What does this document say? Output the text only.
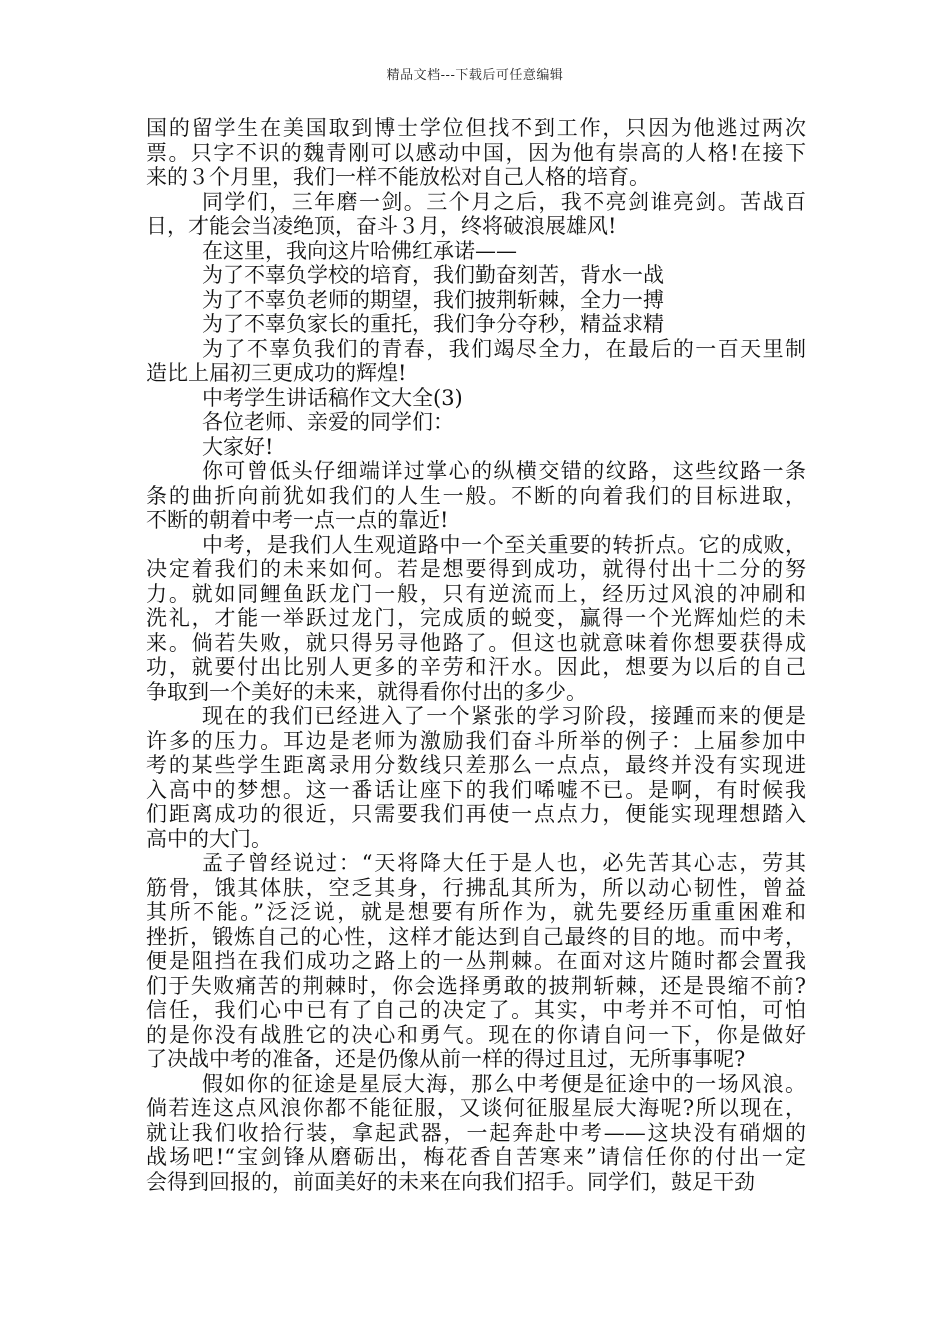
精品文档---下载后可任意编辑
国的留学生在美国取到博士学位但找不到工作，只因为他逃过两次
票。只字不识的魏青刚可以感动中国，因为他有崇高的人格!在接下
来的３个月里，我们一样不能放松对自己人格的培育。
同学们，三年磨一剑。三个月之后，我不亮剑谁亮剑。苦战百
日，才能会当凌绝顶，奋斗３月，终将破浪展雄风!
在这里，我向这片哈佛红承诺——
为了不辜负学校的培育，我们勤奋刻苦，背水一战
为了不辜负老师的期望，我们披荆斩棘，全力一搏
为了不辜负家长的重托，我们争分夺秒，精益求精
为了不辜负我们的青春，我们竭尽全力，在最后的一百天里制
造比上届初三更成功的辉煌!
中考学生讲话稿作文大全(3)
各位老师、亲爱的同学们：
大家好!
你可曾低头仔细端详过掌心的纵横交错的纹路，这些纹路一条
条的曲折向前犹如我们的人生一般。不断的向着我们的目标进取，
不断的朝着中考一点一点的靠近!
中考，是我们人生观道路中一个至关重要的转折点。它的成败，
决定着我们的未来如何。若是想要得到成功，就得付出十二分的努
力。就如同鲤鱼跃龙门一般，只有逆流而上，经历过风浪的冲刷和
洗礼，才能一举跃过龙门，完成质的蜕变，赢得一个光辉灿烂的未
来。倘若失败，就只得另寻他路了。但这也就意味着你想要获得成
功，就要付出比别人更多的辛劳和汗水。因此，想要为以后的自己
争取到一个美好的未来，就得看你付出的多少。
现在的我们已经进入了一个紧张的学习阶段，接踵而来的便是
许多的压力。耳边是老师为激励我们奋斗所举的例子：上届参加中
考的某些学生距离录用分数线只差那么一点点，最终并没有实现进
入高中的梦想。这一番话让座下的我们唏嘘不已。是啊，有时候我
们距离成功的很近，只需要我们再使一点点力，便能实现理想踏入
高中的大门。
孟子曾经说过：“天将降大任于是人也，必先苦其心志，劳其
筋骨，饿其体肤，空乏其身，行拂乱其所为，所以动心韧性，曾益
其所不能。”泛泛说，就是想要有所作为，就先要经历重重困难和
挫折，锻炼自己的心性，这样才能达到自己最终的目的地。而中考，
便是阻挡在我们成功之路上的一丛荆棘。在面对这片随时都会置我
们于失败痛苦的荆棘时，你会选择勇敢的披荆斩棘，还是畏缩不前?
信任，我们心中已有了自己的决定了。其实，中考并不可怕，可怕
的是你没有战胜它的决心和勇气。现在的你请自问一下，你是做好
了决战中考的准备，还是仍像从前一样的得过且过，无所事事呢?
假如你的征途是星辰大海，那么中考便是征途中的一场风浪。
倘若连这点风浪你都不能征服，又谈何征服星辰大海呢?所以现在，
就让我们收拾行装，拿起武器，一起奔赴中考——这块没有硝烟的
战场吧!“宝剑锋从磨砺出，梅花香自苦寒来”请信任你的付出一定
会得到回报的，前面美好的未来在向我们招手。同学们，鼓足干劲
